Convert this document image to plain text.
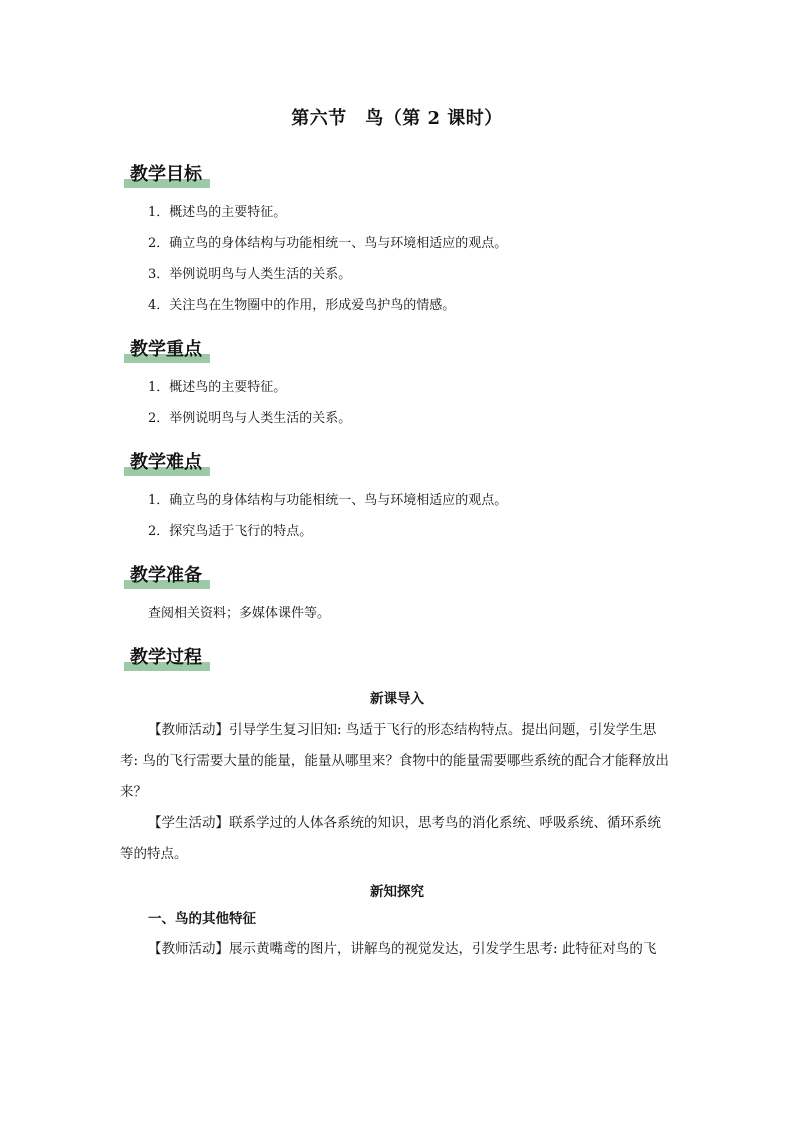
第六节　鸟（第 2 课时）
教学目标
1．概述鸟的主要特征。
2．确立鸟的身体结构与功能相统一、鸟与环境相适应的观点。
3．举例说明鸟与人类生活的关系。
4．关注鸟在生物圈中的作用，形成爱鸟护鸟的情感。
教学重点
1．概述鸟的主要特征。
2．举例说明鸟与人类生活的关系。
教学难点
1．确立鸟的身体结构与功能相统一、鸟与环境相适应的观点。
2．探究鸟适于飞行的特点。
教学准备
查阅相关资料；多媒体课件等。
教学过程
新课导入

【教师活动】引导学生复习旧知: 鸟适于飞行的形态结构特点。提出问题，引发学生思考: 鸟的飞行需要大量的能量，能量从哪里来？食物中的能量需要哪些系统的配合才能释放出来？

【学生活动】联系学过的人体各系统的知识，思考鸟的消化系统、呼吸系统、循环系统等的特点。

新知探究
一、鸟的其他特征

【教师活动】展示黄嘴鸢的图片，讲解鸟的视觉发达，引发学生思考: 此特征对鸟的飞
